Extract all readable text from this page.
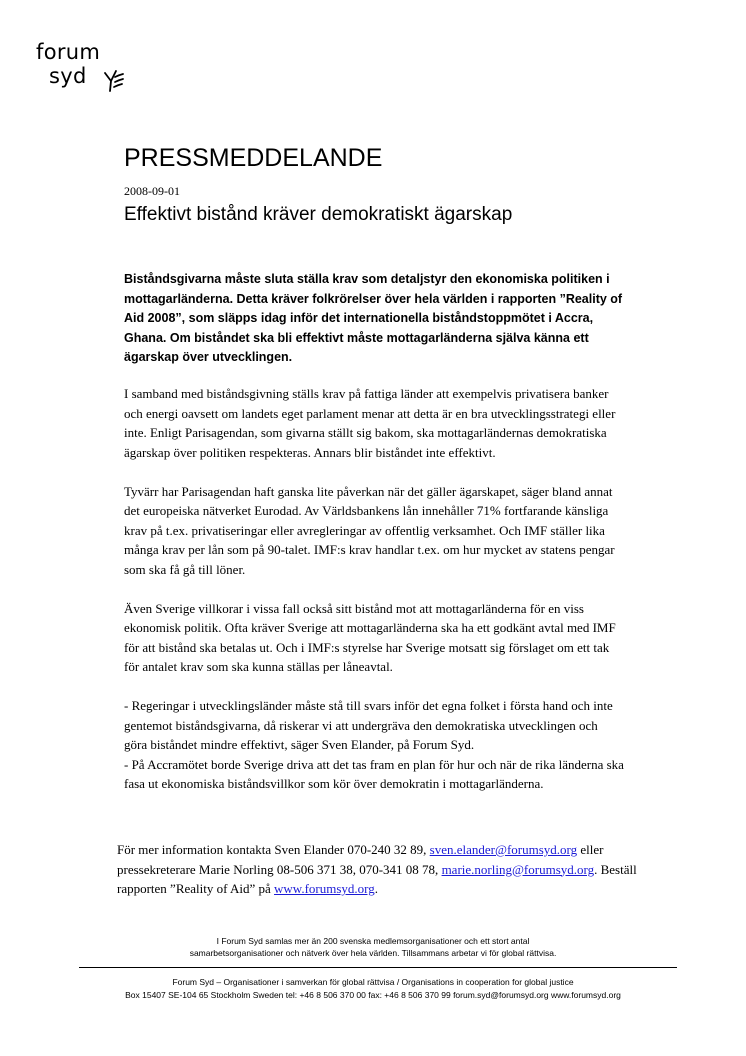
forum
syd
PRESSMEDDELANDE
2008-09-01
Effektivt bistånd kräver demokratiskt ägarskap

Biståndsgivarna måste sluta ställa krav som detaljstyr den ekonomiska politiken i mottagarländerna. Detta kräver folkrörelser över hela världen i rapporten ”Reality of Aid 2008”, som släpps idag inför det internationella biståndstoppmötet i Accra, Ghana. Om biståndet ska bli effektivt måste mottagarländerna själva känna ett ägarskap över utvecklingen.

I samband med biståndsgivning ställs krav på fattiga länder att exempelvis privatisera banker och energi oavsett om landets eget parlament menar att detta är en bra utvecklingsstrategi eller inte. Enligt Parisagendan, som givarna ställt sig bakom, ska mottagarländernas demokratiska ägarskap över politiken respekteras. Annars blir biståndet inte effektivt.

Tyvärr har Parisagendan haft ganska lite påverkan när det gäller ägarskapet, säger bland annat det europeiska nätverket Eurodad. Av Världsbankens lån innehåller 71% fortfarande känsliga krav på t.ex. privatiseringar eller avregleringar av offentlig verksamhet. Och IMF ställer lika många krav per lån som på 90-talet. IMF:s krav handlar t.ex. om hur mycket av statens pengar som ska få gå till löner.

Även Sverige villkorar i vissa fall också sitt bistånd mot att mottagarländerna för en viss ekonomisk politik. Ofta kräver Sverige att mottagarländerna ska ha ett godkänt avtal med IMF för att bistånd ska betalas ut. Och i IMF:s styrelse har Sverige motsatt sig förslaget om ett tak för antalet krav som ska kunna ställas per låneavtal.

- Regeringar i utvecklingsländer måste stå till svars inför det egna folket i första hand och inte gentemot biståndsgivarna, då riskerar vi att undergräva den demokratiska utvecklingen och göra biståndet mindre effektivt, säger Sven Elander, på Forum Syd.
- På Accramötet borde Sverige driva att det tas fram en plan för hur och när de rika länderna ska fasa ut ekonomiska biståndsvillkor som kör över demokratin i mottagarländerna.

För mer information kontakta Sven Elander 070-240 32 89, sven.elander@forumsyd.org eller pressekreterare Marie Norling 08-506 371 38, 070-341 08 78, marie.norling@forumsyd.org. Beställ rapporten ”Reality of Aid” på www.forumsyd.org.

I Forum Syd samlas mer än 200 svenska medlemsorganisationer och ett stort antal
samarbetsorganisationer och nätverk över hela världen. Tillsammans arbetar vi för global rättvisa.

Forum Syd – Organisationer i samverkan för global rättvisa / Organisations in cooperation for global justice
Box 15407 SE-104 65 Stockholm Sweden tel: +46 8 506 370 00 fax: +46 8 506 370 99 forum.syd@forumsyd.org www.forumsyd.org
